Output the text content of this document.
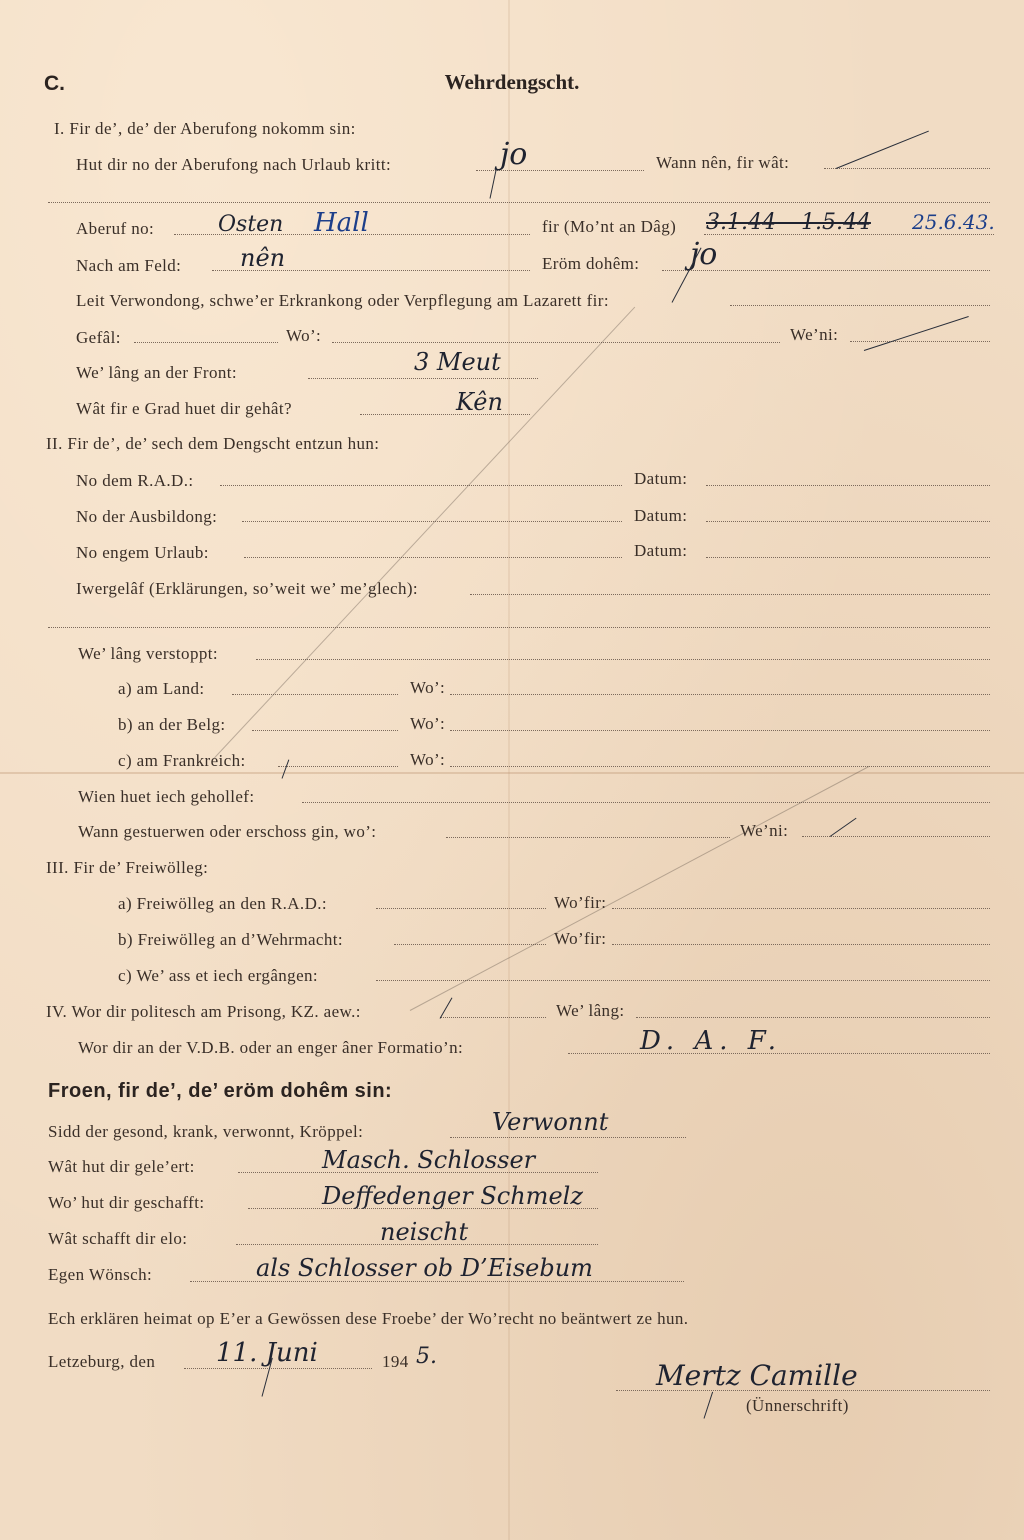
C.	Wehrdengscht.
I. Fir de’, de’ der Aberufong nokomm sin:
Hut dir no der Aberufong nach Urlaub kritt:	jo	Wann nên, fir wât:
Aberuf no:	Osten Hall	fir (Mo’nt an Dâg) 3.1.44 – 1.5.44 25.6.43.
Nach am Feld: nên	Eröm dohêm: jo
Leit Verwondong, schwe’er Erkrankong oder Verpflegung am Lazarett fir:
Gefâl:	Wo’:	We’ni:
We’ lâng an der Front:	3 Meut
Wât fir e Grad huet dir gehât?	Kên
II. Fir de’, de’ sech dem Dengscht entzun hun:
No dem R.A.D.:	Datum:
No der Ausbildong:	Datum:
No engem Urlaub:	Datum:
Iwergelâf (Erklärungen, so’weit we’ me’glech):
We’ lâng verstoppt:
a) am Land:	Wo’:
b) an der Belg:	Wo’:
c) am Frankreich:	Wo’:
Wien huet iech gehollef:
Wann gestuerwen oder erschoss gin, wo’:	We’ni:
III. Fir de’ Freiwölleg:
a) Freiwölleg an den R.A.D.:	Wo’fir:
b) Freiwölleg an d’Wehrmacht:	Wo’fir:
c) We’ ass et iech ergângen:
IV. Wor dir politesch am Prisong, KZ. aew.:	We’ lâng:
Wor dir an der V.D.B. oder an enger âner Formatio’n:	D. A. F.
Froen, fir de’, de’ eröm dohêm sin:
Sidd der gesond, krank, verwonnt, Kröppel:	Verwonnt
Wât hut dir gele’ert:	Masch. Schlosser
Wo’ hut dir geschafft:	Deffedenger Schmelz
Wât schafft dir elo:	neischt
Egen Wönsch:	als Schlosser ob D’Eisebum
Ech erklären heimat op E’er a Gewössen dese Froebe’ der Wo’recht no beäntwert ze hun.
Letzeburg, den 11. Juni	194 5.
Mertz Camille
(Ünnerschrift)
